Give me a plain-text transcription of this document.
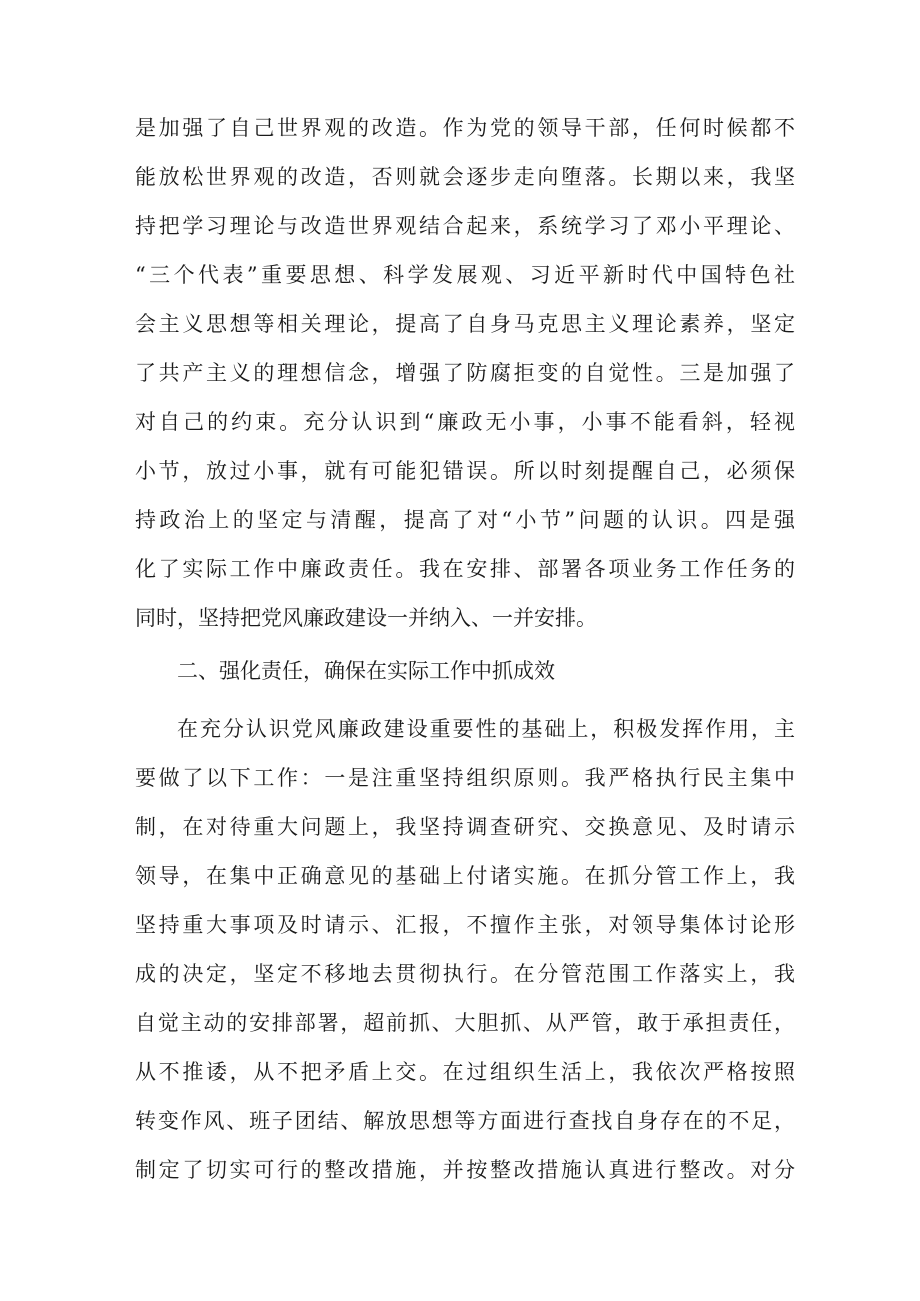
是加强了自己世界观的改造。作为党的领导干部，任何时候都不
能放松世界观的改造，否则就会逐步走向堕落。长期以来，我坚
持把学习理论与改造世界观结合起来，系统学习了邓小平理论、
“三个代表”重要思想、科学发展观、习近平新时代中国特色社
会主义思想等相关理论，提高了自身马克思主义理论素养，坚定
了共产主义的理想信念，增强了防腐拒变的自觉性。三是加强了
对自己的约束。充分认识到“廉政无小事，小事不能看斜，轻视
小节，放过小事，就有可能犯错误。所以时刻提醒自己，必须保
持政治上的坚定与清醒，提高了对“小节”问题的认识。四是强
化了实际工作中廉政责任。我在安排、部署各项业务工作任务的
同时，坚持把党风廉政建设一并纳入、一并安排。
二、强化责任，确保在实际工作中抓成效
在充分认识党风廉政建设重要性的基础上，积极发挥作用，主
要做了以下工作：一是注重坚持组织原则。我严格执行民主集中
制，在对待重大问题上，我坚持调查研究、交换意见、及时请示
领导，在集中正确意见的基础上付诸实施。在抓分管工作上，我
坚持重大事项及时请示、汇报，不擅作主张，对领导集体讨论形
成的决定，坚定不移地去贯彻执行。在分管范围工作落实上，我
自觉主动的安排部署，超前抓、大胆抓、从严管，敢于承担责任，
从不推诿，从不把矛盾上交。在过组织生活上，我依次严格按照
转变作风、班子团结、解放思想等方面进行查找自身存在的不足，
制定了切实可行的整改措施，并按整改措施认真进行整改。对分
